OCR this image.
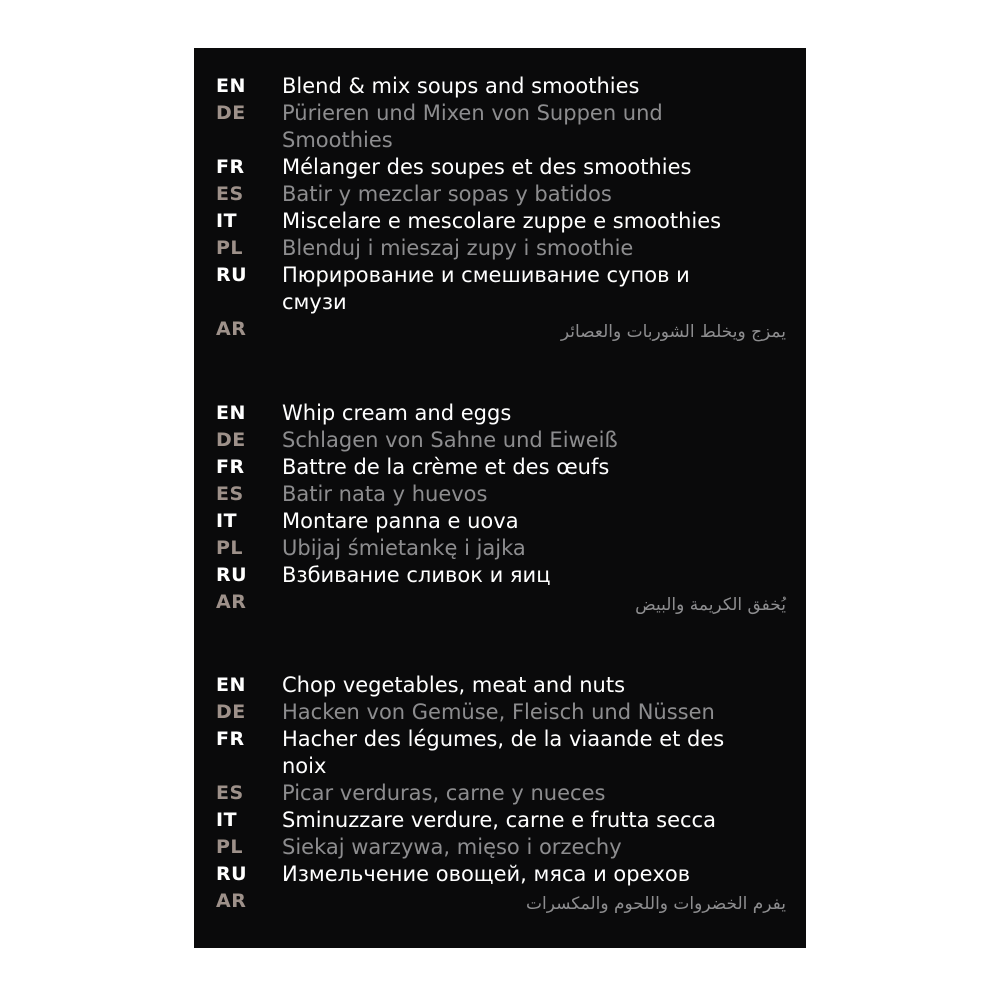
EN Blend & mix soups and smoothies
DE Pürieren und Mixen von Suppen und Smoothies
FR Mélanger des soupes et des smoothies
ES Batir y mezclar sopas y batidos
IT Miscelare e mescolare zuppe e smoothies
PL Blenduj i mieszaj zupy i smoothie
RU Пюрирование и смешивание супов и смузи
AR	يمزج ويخلط الشوربات والعصائر
EN Whip cream and eggs
DE Schlagen von Sahne und Eiweiß
FR Battre de la crème et des œufs
ES Batir nata y huevos
IT Montare panna e uova
PL Ubijaj śmietankę i jajka
RU Взбивание сливок и яиц
AR	يُخفق الكريمة والبيض
EN Chop vegetables, meat and nuts
DE Hacken von Gemüse, Fleisch und Nüssen
FR Hacher des légumes, de la viaande et des noix
ES Picar verduras, carne y nueces
IT Sminuzzare verdure, carne e frutta secca
PL Siekaj warzywa, mięso i orzechy
RU Измельчение овощей, мяса и орехов
AR	يفرم الخضروات واللحوم والمكسرات
